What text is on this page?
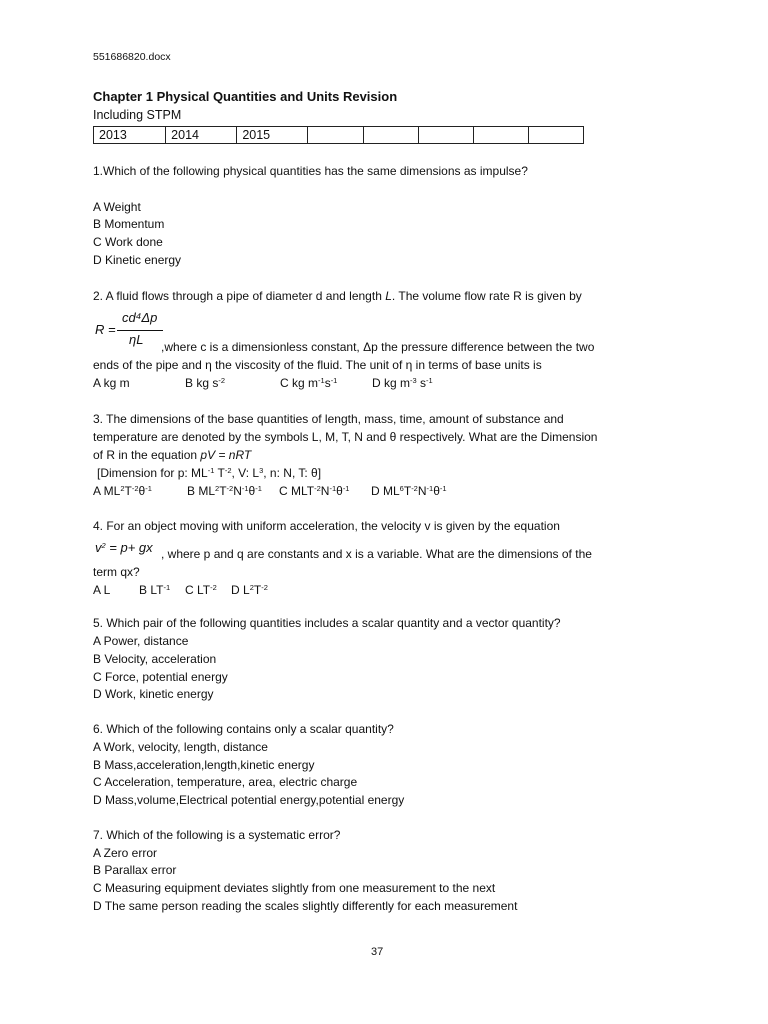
551686820.docx
Chapter 1 Physical Quantities and Units Revision
Including STPM
2013	2014	2015					
1.Which of the following physical quantities has the same dimensions as impulse?
A Weight
B Momentum
C Work done
D Kinetic energy
2. A fluid flows through a pipe of diameter d and length L. The volume flow rate R is given by
R =
cd⁴Δp
ηL ,where c is a dimensionless constant, Δp the pressure difference between the two
ends of the pipe and η the viscosity of the fluid. The unit of η in terms of base units is
A kg m	B kg $s^{-2}$	C kg $m^{-1}s^{-1}$	D kg $m^{-3}$ $s^{-1}$
3. The dimensions of the base quantities of length, mass, time, amount of substance and
temperature are denoted by the symbols L, M, T, N and θ respectively. What are the Dimension
of R in the equation pV = nRT
[Dimension for p: $ML^{-1}$ $T^{-2}$, V: $L^3$, n: N, T: θ]
A $ML^2T^{-2}\theta^{-1}$	B $ML^2T^{-2}N^{-1}\theta^{-1}$ C $MLT^{-2}N^{-1}\theta^{-1}$ D $ML^6T^{-2}N^{-1}\theta^{-1}$
4. For an object moving with uniform acceleration, the velocity v is given by the equation
$v^2 = p+$ gx , where p and q are constants and x is a variable. What are the dimensions of the
term qx?
A L B $LT^{-1}$ C $LT^{-2}$ D $L^2T^{-2}$
5. Which pair of the following quantities includes a scalar quantity and a vector quantity?
A Power, distance
B Velocity, acceleration
C Force, potential energy
D Work, kinetic energy
6. Which of the following contains only a scalar quantity?
A Work, velocity, length, distance
B Mass,acceleration,length,kinetic energy
C Acceleration, temperature, area, electric charge
D Mass,volume,Electrical potential energy,potential energy
7. Which of the following is a systematic error?
A Zero error
B Parallax error
C Measuring equipment deviates slightly from one measurement to the next
D The same person reading the scales slightly differently for each measurement
37
